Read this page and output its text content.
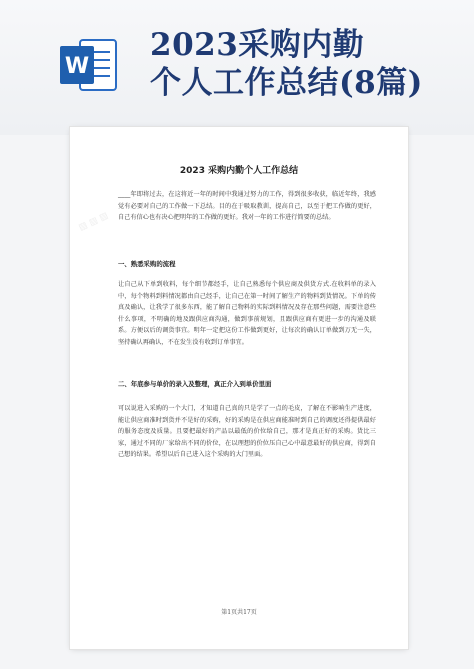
W
2023采购内勤
个人工作总结(8篇)
▨ ▨ ▨
2023 采购内勤个人工作总结
____年即将过去，在这将近一年的时间中我通过努力的工作，得到很多收获，临近年终，我感觉有必要对自己的工作做一下总结。目的在于吸取教训，提高自己，以至于把工作做的更好，自己有信心也有决心把明年的工作做的更好。我对一年的工作进行简要的总结。
一、熟悉采购的流程
让自己从下单到收料，每个细节都经手，让自己熟悉每个供应商及供货方式.在收料单的录入中，每个物料到料情况都由自己经手，让自己在第一时间了解生产的物料到货情况。下单的传真及确认，让我学了很多东西，能了解自己物料的实际到料情况及存在那些问题，需要注意些什么事项，不明确的地及跟供应商沟通，做到事前规划，且跟供应商有更进一步的沟通及联系。方便以后的调货事宜。明年一定把这份工作做到更好，让每次的确认订单做到万无一失，坚持确认再确认，不在发生没有收到订单事宜。
二、年底参与单价的录入及整理，真正介入到单价里面
可以说进入采购的一个大门，才知道自己真的只是学了一点的毛皮，了解在不影响生产进度，能让供应商准时到货并不是好的采购，好的采购是在供应商能准时到自己的调度还得提供最好的服务态度及质量。且要把最好的产品以最低的价位给自己，那才是真正好的采购。货比三家，通过不同的厂家给出不同的价位，在以理想的价位压自己心中最意最好的供应商，得到自己想的结果。希望以后自己进入这个采购的大门里面。
第1页共17页
